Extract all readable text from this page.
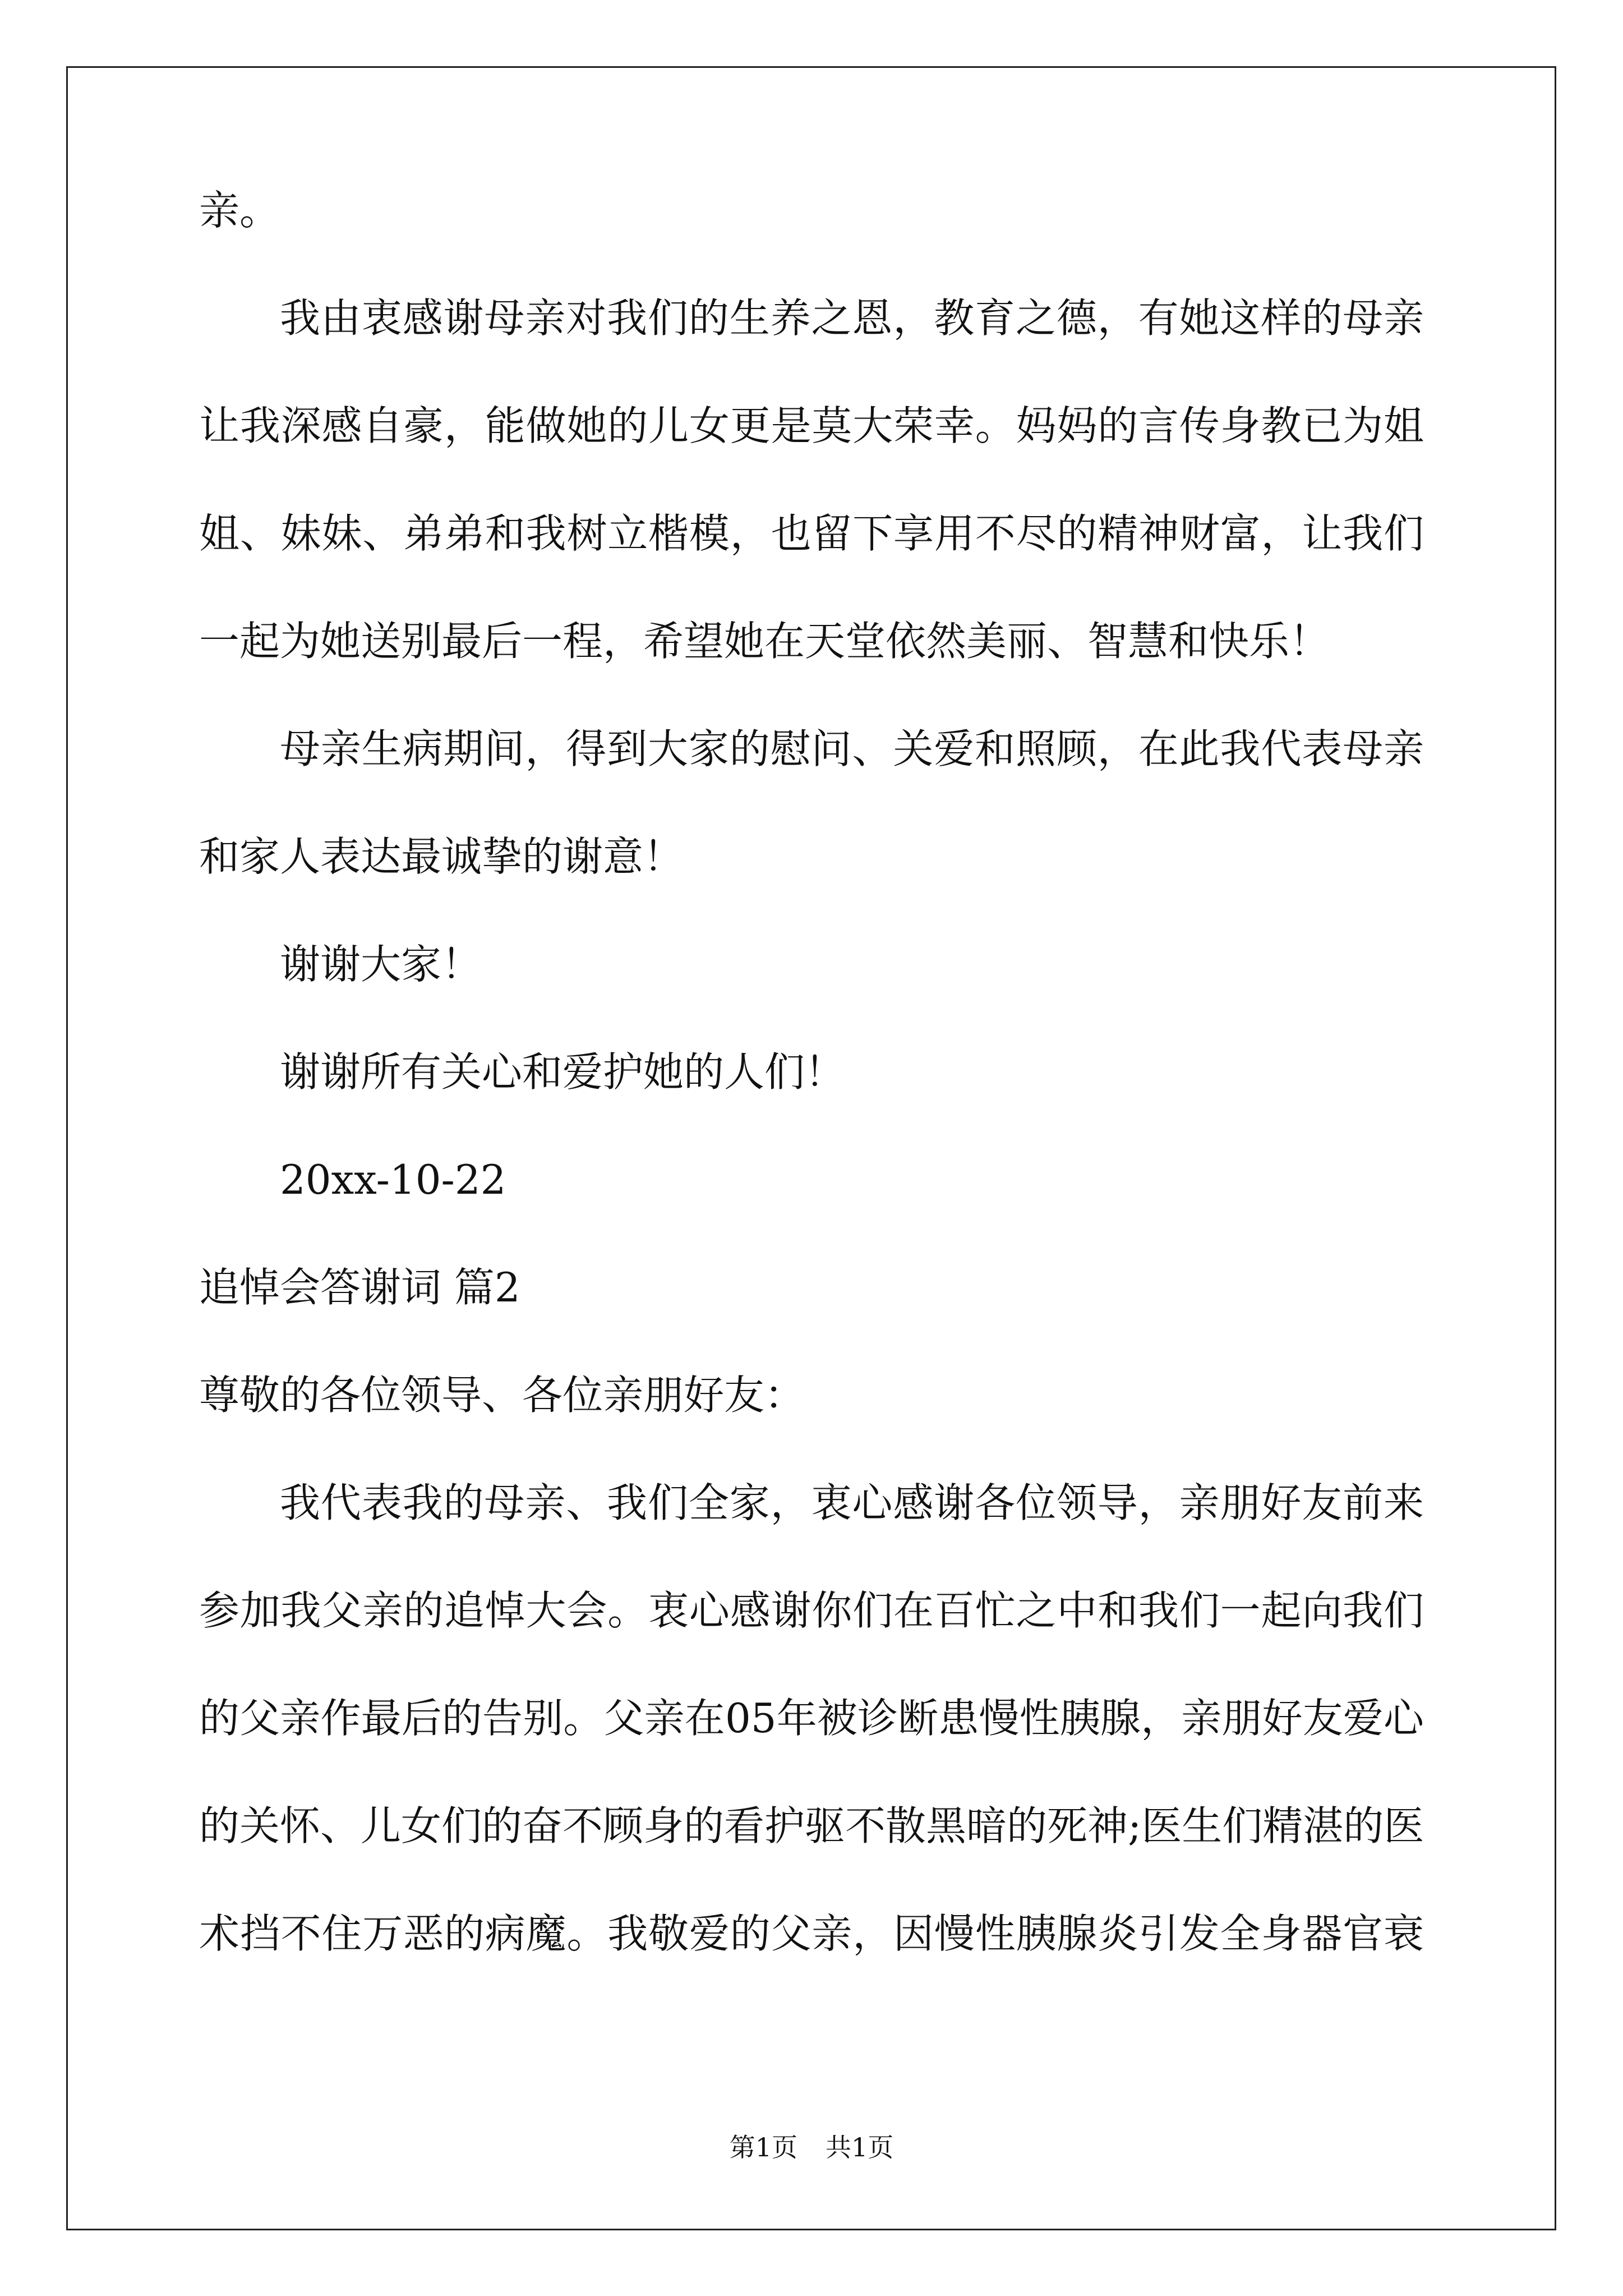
亲。
我由衷感谢母亲对我们的生养之恩，教育之德，有她这样的母亲
让我深感自豪，能做她的儿女更是莫大荣幸。妈妈的言传身教已为姐
姐、妹妹、弟弟和我树立楷模，也留下享用不尽的精神财富，让我们
一起为她送别最后一程，希望她在天堂依然美丽、智慧和快乐！
母亲生病期间，得到大家的慰问、关爱和照顾，在此我代表母亲
和家人表达最诚挚的谢意！
谢谢大家！
谢谢所有关心和爱护她的人们！
20xx-10-22
追悼会答谢词 篇2
尊敬的各位领导、各位亲朋好友：
我代表我的母亲、我们全家，衷心感谢各位领导，亲朋好友前来
参加我父亲的追悼大会。衷心感谢你们在百忙之中和我们一起向我们
的父亲作最后的告别。父亲在05年被诊断患慢性胰腺，亲朋好友爱心
的关怀、儿女们的奋不顾身的看护驱不散黑暗的死神;医生们精湛的医
术挡不住万恶的病魔。我敬爱的父亲，因慢性胰腺炎引发全身器官衰
第1页 共1页
